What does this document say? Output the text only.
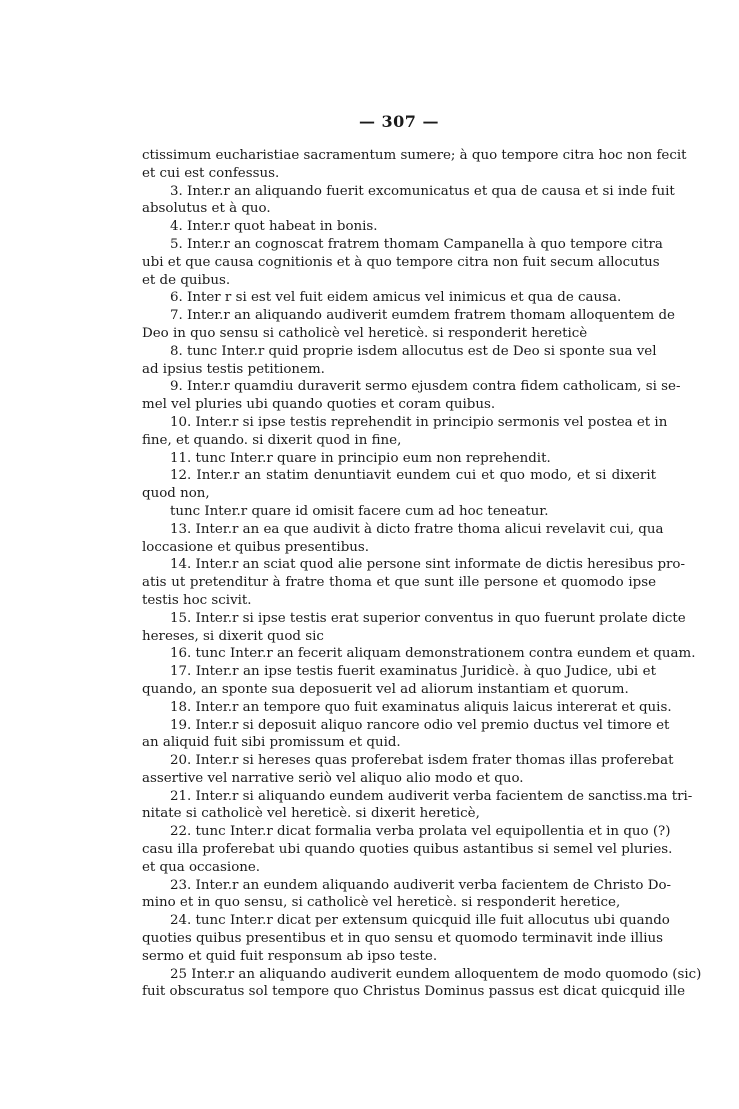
— 307 —
ctissimum eucharistiae sacramentum sumere; à quo tempore citra hoc non fecit
et cui est confessus.
3. Inter.r an aliquando fuerit excomunicatus et qua de causa et si inde fuit
absolutus et à quo.
4. Inter.r quot habeat in bonis.
5. Inter.r an cognoscat fratrem thomam Campanella à quo tempore citra
ubi et que causa cognitionis et à quo tempore citra non fuit secum allocutus
et de quibus.
6. Inter r si est vel fuit eidem amicus vel inimicus et qua de causa.
7. Inter.r an aliquando audiverit eumdem fratrem thomam alloquentem de
Deo in quo sensu si catholicè vel hereticè. si responderit hereticè
8. tunc Inter.r quid proprie isdem allocutus est de Deo si sponte sua vel
ad ipsius testis petitionem.
9. Inter.r quamdiu duraverit sermo ejusdem contra fidem catholicam, si se-
mel vel pluries ubi quando quoties et coram quibus.
10. Inter.r si ipse testis reprehendit in principio sermonis vel postea et in
fine, et quando. si dixerit quod in fine,
11. tunc Inter.r quare in principio eum non reprehendit.
12. Inter.r an statim denuntiavit eundem cui et quo modo, et si dixerit
quod non,
tunc Inter.r quare id omisit facere cum ad hoc teneatur.
13. Inter.r an ea que audivit à dicto fratre thoma alicui revelavit cui, qua
loccasione et quibus presentibus.
14. Inter.r an sciat quod alie persone sint informate de dictis heresibus pro-
atis ut pretenditur à fratre thoma et que sunt ille persone et quomodo ipse
testis hoc scivit.
15. Inter.r si ipse testis erat superior conventus in quo fuerunt prolate dicte
hereses, si dixerit quod sic
16. tunc Inter.r an fecerit aliquam demonstrationem contra eundem et quam.
17. Inter.r an ipse testis fuerit examinatus Juridicè. à quo Judice, ubi et
quando, an sponte sua deposuerit vel ad aliorum instantiam et quorum.
18. Inter.r an tempore quo fuit examinatus aliquis laicus intererat et quis.
19. Inter.r si deposuit aliquo rancore odio vel premio ductus vel timore et
an aliquid fuit sibi promissum et quid.
20. Inter.r si hereses quas proferebat isdem frater thomas illas proferebat
assertive vel narrative seriò vel aliquo alio modo et quo.
21. Inter.r si aliquando eundem audiverit verba facientem de sanctiss.ma tri-
nitate si catholicè vel hereticè. si dixerit hereticè,
22. tunc Inter.r dicat formalia verba prolata vel equipollentia et in quo (?)
casu illa proferebat ubi quando quoties quibus astantibus si semel vel pluries.
et qua occasione.
23. Inter.r an eundem aliquando audiverit verba facientem de Christo Do-
mino et in quo sensu, si catholicè vel hereticè. si responderit heretice,
24. tunc Inter.r dicat per extensum quicquid ille fuit allocutus ubi quando
quoties quibus presentibus et in quo sensu et quomodo terminavit inde illius
sermo et quid fuit responsum ab ipso teste.
25 Inter.r an aliquando audiverit eundem alloquentem de modo quomodo (sic)
fuit obscuratus sol tempore quo Christus Dominus passus est dicat quicquid ille
